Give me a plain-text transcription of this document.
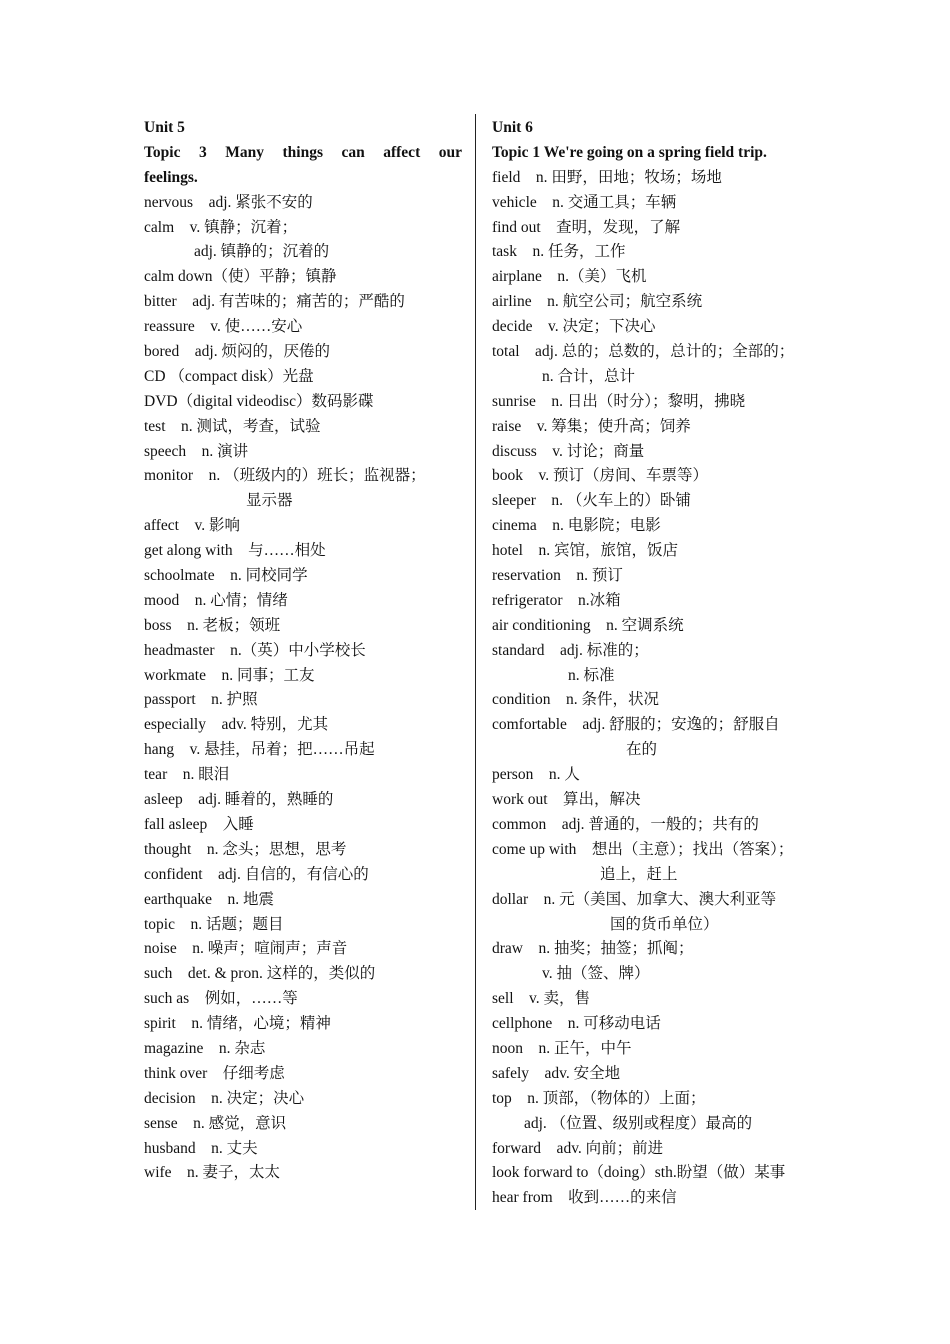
Unit 5
Topic 3 Many things can affect our
feelings.
nervous　adj. 紧张不安的
calm　v. 镇静；沉着；
adj. 镇静的；沉着的
calm down（使）平静；镇静
bitter　adj. 有苦味的；痛苦的；严酷的
reassure　v. 使……安心
bored　adj. 烦闷的，厌倦的
CD （compact disk）光盘
DVD（digital videodisc）数码影碟
test　n. 测试，考查，试验
speech　n. 演讲
monitor　n. （班级内的）班长；监视器；
显示器
affect　v. 影响
get along with　与……相处
schoolmate　n. 同校同学
mood　n. 心情；情绪
boss　n. 老板；领班
headmaster　n.（英）中小学校长
workmate　n. 同事；工友
passport　n. 护照
especially　adv. 特别，尤其
hang　v. 悬挂，吊着；把……吊起
tear　n. 眼泪
asleep　adj. 睡着的，熟睡的
fall asleep　入睡
thought　n. 念头；思想，思考
confident　adj. 自信的，有信心的
earthquake　n. 地震
topic　n. 话题；题目
noise　n. 噪声；喧闹声；声音
such　det. & pron. 这样的，类似的
such as　例如，……等
spirit　n. 情绪，心境；精神
magazine　n. 杂志
think over　仔细考虑
decision　n. 决定；决心
sense　n. 感觉，意识
husband　n. 丈夫
wife　n. 妻子，太太
Unit 6
Topic 1 We're going on a spring field trip.
field　n. 田野，田地；牧场；场地
vehicle　n. 交通工具；车辆
find out　查明，发现，了解
task　n. 任务，工作
airplane　n.（美）飞机
airline　n. 航空公司；航空系统
decide　v. 决定；下决心
total　adj. 总的；总数的，总计的；全部的；
n. 合计，总计
sunrise　n. 日出（时分）；黎明，拂晓
raise　v. 筹集；使升高；饲养
discuss　v. 讨论；商量
book　v. 预订（房间、车票等）
sleeper　n. （火车上的）卧铺
cinema　n. 电影院；电影
hotel　n. 宾馆，旅馆，饭店
reservation　n. 预订
refrigerator　n.冰箱
air conditioning　n. 空调系统
standard　adj. 标准的；
n. 标准
condition　n. 条件，状况
comfortable　adj. 舒服的；安逸的；舒服自
在的
person　n. 人
work out　算出，解决
common　adj. 普通的，一般的；共有的
come up with　想出（主意）；找出（答案）；
追上，赶上
dollar　n. 元（美国、加拿大、澳大利亚等
国的货币单位）
draw　n. 抽奖；抽签；抓阄；
v. 抽（签、牌）
sell　v. 卖，售
cellphone　n. 可移动电话
noon　n. 正午，中午
safely　adv. 安全地
top　n. 顶部，（物体的）上面；
adj. （位置、级别或程度）最高的
forward　adv. 向前；前进
look forward to（doing）sth.盼望（做）某事
hear from　收到……的来信
